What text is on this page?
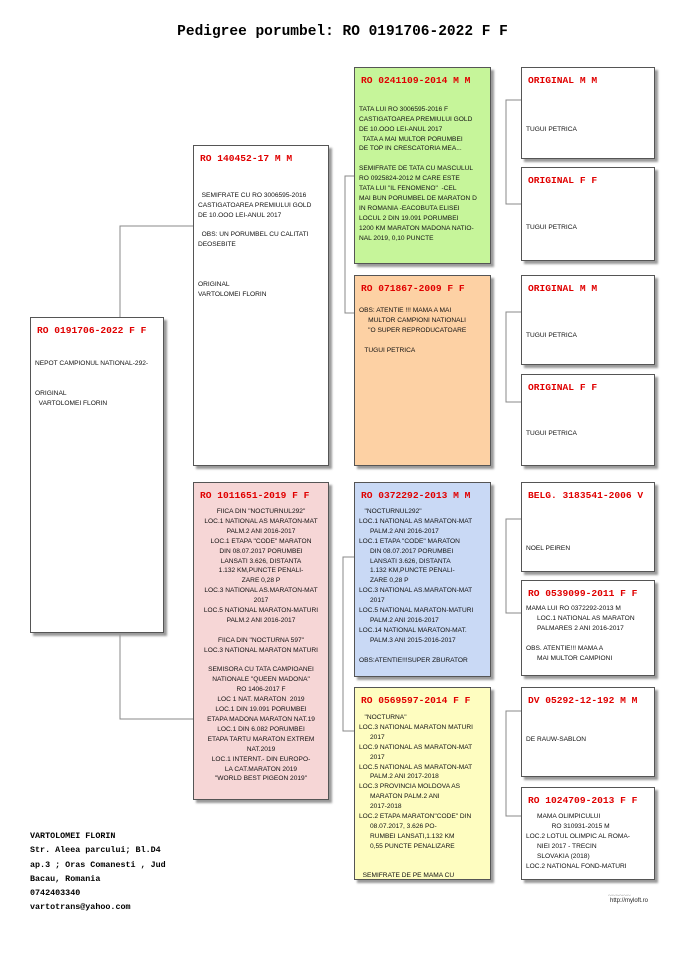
Pedigree porumbel: RO 0191706-2022 F F
RO 0191706-2022 F F
NEPOT CAMPIONUL NATIONAL-292-
ORIGINAL
VARTOLOMEI FLORIN
RO 140452-17 M M
SEMIFRATE CU RO 3006595-2016
CASTIGATOAREA PREMIULUI GOLD
DE 10.OOO LEI-ANUL 2017
OBS: UN PORUMBEL CU CALITATI
DEOSEBITE
ORIGINAL
VARTOLOMEI FLORIN
RO 1011651-2019 F F
FIICA DIN "NOCTURNUL292"
LOC.1 NATIONAL AS MARATON-MAT
PALM.2 ANI 2016-2017
LOC.1 ETAPA "CODE" MARATON
DIN 08.07.2017 PORUMBEI
LANSATI 3.626, DISTANTA
1.132 KM,PUNCTE PENALI-
ZARE 0,28 P
LOC.3 NATIONAL AS.MARATON-MAT
2017
LOC.5 NATIONAL MARATON-MATURI
PALM.2 ANI 2016-2017
FIICA DIN "NOCTURNA 597"
LOC.3 NATIONAL MARATON MATURI
SEMISORA CU TATA CAMPIOANEI
NATIONALE "QUEEN MADONA"
RO 1406-2017 F
LOC 1 NAT. MARATON  2019
LOC.1 DIN 19.091 PORUMBEI
ETAPA MADONA MARATON NAT.19
LOC.1 DIN 6.082 PORUMBEI
ETAPA TARTU MARATON EXTREM
NAT.2019
LOC.1 INTERNT.- DIN EUROPO-
LA CAT.MARATON 2019
"WORLD BEST PIGEON 2019"
RO 0241109-2014 M M
TATA LUI RO 3006595-2016 F
CASTIGATOAREA PREMIULUI GOLD
DE 10.OOO LEI-ANUL 2017
TATA A MAI MULTOR PORUMBEI
DE TOP IN CRESCATORIA MEA...
SEMIFRATE DE TATA CU MASCULUL
RO 0925824-2012 M CARE ESTE
TATA LUI "IL FENOMENO"  -CEL
MAI BUN PORUMBEL DE MARATON D
IN ROMANIA -EACOBUTA ELISEI
LOCUL 2 DIN 19.091 PORUMBEI
1200 KM MARATON MADONA NATIO-
NAL 2019, 0,10 PUNCTE
RO 071867-2009 F F
OBS: ATENTIE !!! MAMA A MAI
MULTOR CAMPIONI NATIONALI
"O SUPER REPRODUCATOARE
TUGUI PETRICA
RO 0372292-2013 M M
"NOCTURNUL292"
LOC.1 NATIONAL AS MARATON-MAT
PALM.2 ANI 2016-2017
LOC.1 ETAPA "CODE" MARATON
DIN 08.07.2017 PORUMBEI
LANSATI 3.626, DISTANTA
1.132 KM,PUNCTE PENALI-
ZARE 0,28 P
LOC.3 NATIONAL AS.MARATON-MAT
2017
LOC.5 NATIONAL MARATON-MATURI
PALM.2 ANI 2016-2017
LOC.14 NATIONAL MARATON-MAT.
PALM.3 ANI 2015-2016-2017
OBS:ATENTIE!!!SUPER ZBURATOR
RO 0569597-2014 F F
"NOCTURNA"
LOC.3 NATIONAL MARATON MATURI
2017
LOC.9 NATIONAL AS MARATON-MAT
2017
LOC.5 NATIONAL AS MARATON-MAT
PALM.2 ANI 2017-2018
LOC.3 PROVINCIA MOLDOVA AS
MARATON PALM.2 ANI
2017-2018
LOC.2 ETAPA MARATON"CODE" DIN
08.07.2017, 3.626 PO-
RUMBEI LANSATI,1.132 KM
0,55 PUNCTE PENALIZARE
SEMIFRATE DE PE MAMA CU
ORIGINAL M M
TUGUI PETRICA
ORIGINAL F F
TUGUI PETRICA
ORIGINAL M M
TUGUI PETRICA
ORIGINAL F F
TUGUI PETRICA
BELG. 3183541-2006 V
NOEL PEIREN
RO 0539099-2011 F F
MAMA LUI RO 0372292-2013 M
LOC.1 NATIONAL AS MARATON
PALMARES 2 ANI 2016-2017
OBS. ATENTIE!!! MAMA A
MAI MULTOR CAMPIONI
DV 05292-12-192 M M
DE RAUW-SABLON
RO 1024709-2013 F F
MAMA OLIMPICULUI
RO 310931-2015 M
LOC.2 LOTUL OLIMPIC AL ROMA-
NIEI 2017 - TRECIN
SLOVAKIA (2018)
LOC.2 NATIONAL FOND-MATURI
VARTOLOMEI FLORIN
Str. Aleea parcului; Bl.D4
ap.3 ; Oras Comanesti , Jud
Bacau, Romania
0742403340
vartotrans@yahoo.com
~~~~~~
http://myloft.ro
